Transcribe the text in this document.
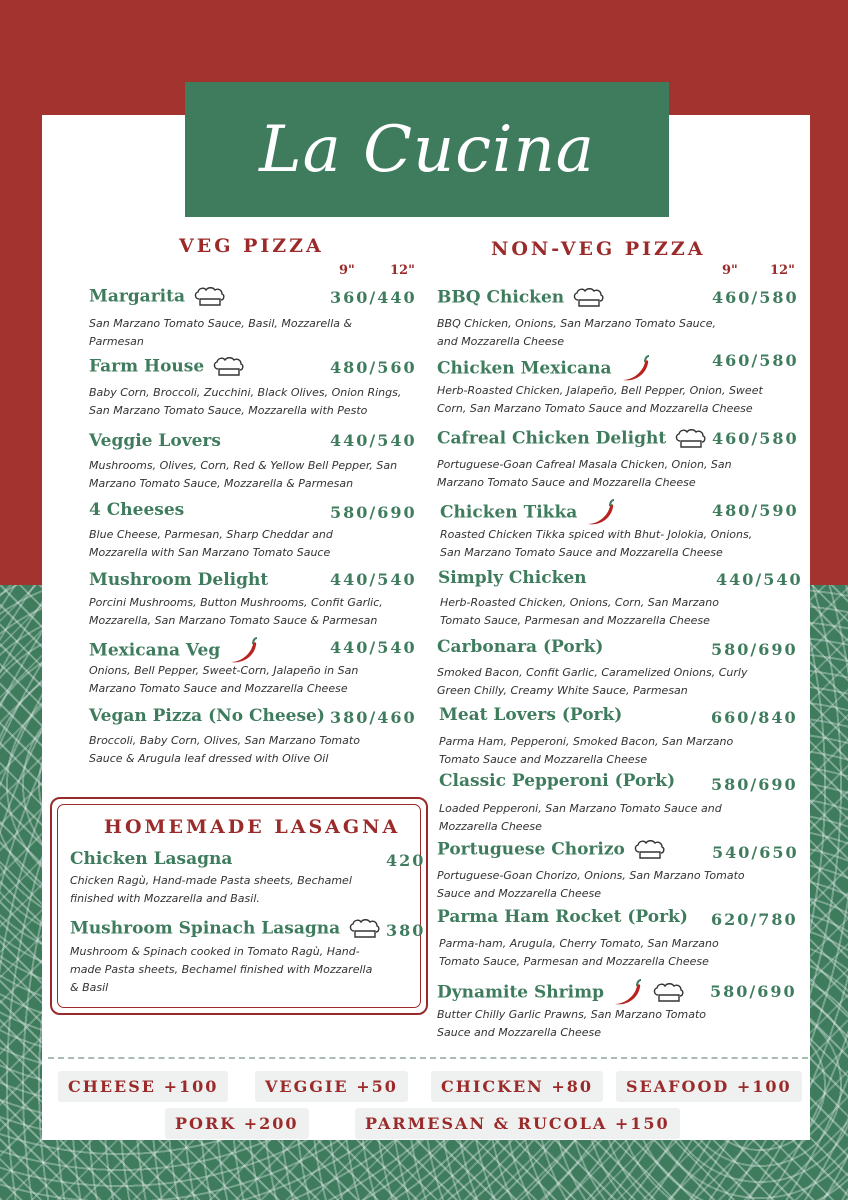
La Cucina
VEG PIZZA
9"	12"
Margarita	360/440
San Marzano Tomato Sauce, Basil, Mozzarella & Parmesan
Farm House	480/560
Baby Corn, Broccoli, Zucchini, Black Olives, Onion Rings, San Marzano Tomato Sauce, Mozzarella with Pesto
Veggie Lovers	440/540
Mushrooms, Olives, Corn, Red & Yellow Bell Pepper, San Marzano Tomato Sauce, Mozzarella & Parmesan
4 Cheeses	580/690
Blue Cheese, Parmesan, Sharp Cheddar and Mozzarella with San Marzano Tomato Sauce
Mushroom Delight	440/540
Porcini Mushrooms, Button Mushrooms, Confit Garlic, Mozzarella, San Marzano Tomato Sauce & Parmesan
Mexicana Veg	440/540
Onions, Bell Pepper, Sweet-Corn, Jalapeño in San Marzano Tomato Sauce and Mozzarella Cheese
Vegan Pizza (No Cheese) 380/460
Broccoli, Baby Corn, Olives, San Marzano Tomato Sauce & Arugula leaf dressed with Olive Oil
NON-VEG PIZZA
9" 12"
BBQ Chicken	460/580
BBQ Chicken, Onions, San Marzano Tomato Sauce, and Mozzarella Cheese
Chicken Mexicana	460/580
Herb-Roasted Chicken, Jalapeño, Bell Pepper, Onion, Sweet Corn, San Marzano Tomato Sauce and Mozzarella Cheese
Cafreal Chicken Delight	460/580
Portuguese-Goan Cafreal Masala Chicken, Onion, San Marzano Tomato Sauce and Mozzarella Cheese
Chicken Tikka	480/590
Roasted Chicken Tikka spiced with Bhut- Jolokia, Onions, San Marzano Tomato Sauce and Mozzarella Cheese
Simply Chicken	440/540
Herb-Roasted Chicken, Onions, Corn, San Marzano Tomato Sauce, Parmesan and Mozzarella Cheese
Carbonara (Pork)	580/690
Smoked Bacon, Confit Garlic, Caramelized Onions, Curly Green Chilly, Creamy White Sauce, Parmesan
Meat Lovers (Pork)	660/840
Parma Ham, Pepperoni, Smoked Bacon, San Marzano Tomato Sauce and Mozzarella Cheese
Classic Pepperoni (Pork) 580/690
Loaded Pepperoni, San Marzano Tomato Sauce and Mozzarella Cheese
Portuguese Chorizo	540/650
Portuguese-Goan Chorizo, Onions, San Marzano Tomato Sauce and Mozzarella Cheese
Parma Ham Rocket (Pork) 620/780
Parma-ham, Arugula, Cherry Tomato, San Marzano Tomato Sauce, Parmesan and Mozzarella Cheese
Dynamite Shrimp	580/690
Butter Chilly Garlic Prawns, San Marzano Tomato Sauce and Mozzarella Cheese
HOMEMADE LASAGNA
Chicken Lasagna	420
Chicken Ragù, Hand-made Pasta sheets, Bechamel finished with Mozzarella and Basil.
Mushroom Spinach Lasagna	380
Mushroom & Spinach cooked in Tomato Ragù, Hand-made Pasta sheets, Bechamel finished with Mozzarella & Basil
CHEESE +100	VEGGIE +50	CHICKEN +80	SEAFOOD +100
PORK +200	PARMESAN & RUCOLA +150
